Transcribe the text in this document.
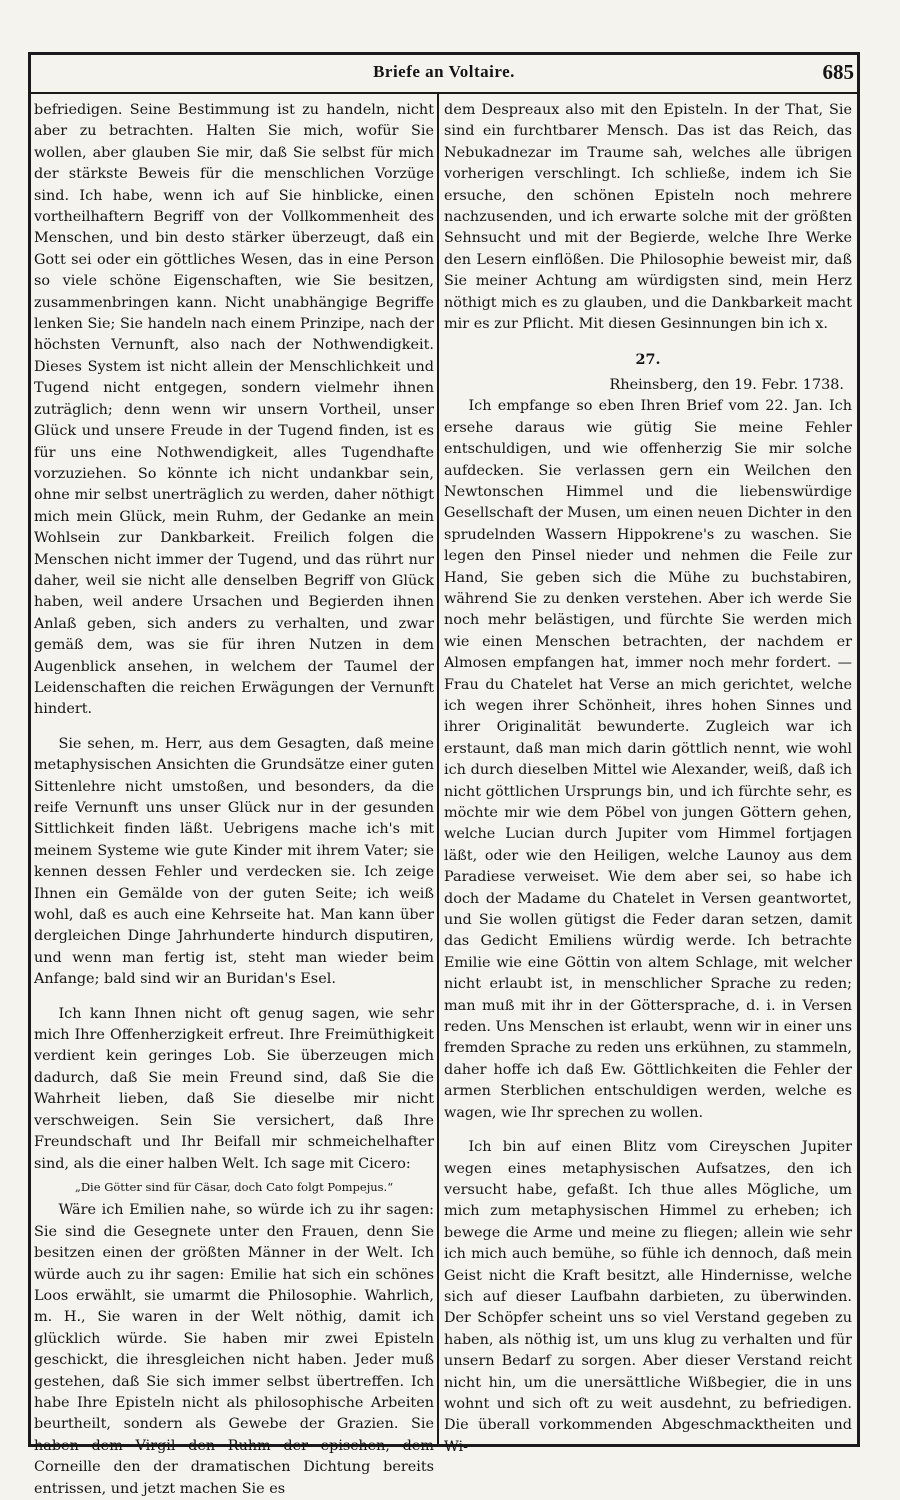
Briefe an Voltaire.	685

befriedigen. Seine Bestimmung ist zu handeln, nicht aber zu betrachten. Halten Sie mich, wofür Sie wollen, aber glauben Sie mir, daß Sie selbst für mich der stärkste Beweis für die menschlichen Vorzüge sind. Ich habe, wenn ich auf Sie hinblicke, einen vortheilhaftern Begriff von der Vollkommenheit des Menschen, und bin desto stärker überzeugt, daß ein Gott sei oder ein göttliches Wesen, das in eine Person so viele schöne Eigenschaften, wie Sie besitzen, zusammenbringen kann. Nicht unabhängige Begriffe lenken Sie; Sie handeln nach einem Prinzipe, nach der höchsten Vernunft, also nach der Nothwendigkeit. Dieses System ist nicht allein der Menschlichkeit und Tugend nicht entgegen, sondern vielmehr ihnen zuträglich; denn wenn wir unsern Vortheil, unser Glück und unsere Freude in der Tugend finden, ist es für uns eine Nothwendigkeit, alles Tugendhafte vorzuziehen. So könnte ich nicht undankbar sein, ohne mir selbst unerträglich zu werden, daher nöthigt mich mein Glück, mein Ruhm, der Gedanke an mein Wohlsein zur Dankbarkeit. Freilich folgen die Menschen nicht immer der Tugend, und das rührt nur daher, weil sie nicht alle denselben Begriff von Glück haben, weil andere Ursachen und Begierden ihnen Anlaß geben, sich anders zu verhalten, und zwar gemäß dem, was sie für ihren Nutzen in dem Augenblick ansehen, in welchem der Taumel der Leidenschaften die reichen Erwägungen der Vernunft hindert.

Sie sehen, m. Herr, aus dem Gesagten, daß meine metaphysischen Ansichten die Grundsätze einer guten Sittenlehre nicht umstoßen, und besonders, da die reife Vernunft uns unser Glück nur in der gesunden Sittlichkeit finden läßt. Uebrigens mache ich's mit meinem Systeme wie gute Kinder mit ihrem Vater; sie kennen dessen Fehler und verdecken sie. Ich zeige Ihnen ein Gemälde von der guten Seite; ich weiß wohl, daß es auch eine Kehrseite hat. Man kann über dergleichen Dinge Jahrhunderte hindurch disputiren, und wenn man fertig ist, steht man wieder beim Anfange; bald sind wir an Buridan's Esel.

Ich kann Ihnen nicht oft genug sagen, wie sehr mich Ihre Offenherzigkeit erfreut. Ihre Freimüthigkeit verdient kein geringes Lob. Sie überzeugen mich dadurch, daß Sie mein Freund sind, daß Sie die Wahrheit lieben, daß Sie dieselbe mir nicht verschweigen. Sein Sie versichert, daß Ihre Freundschaft und Ihr Beifall mir schmeichelhafter sind, als die einer halben Welt. Ich sage mit Cicero:

„Die Götter sind für Cäsar, doch Cato folgt Pompejus.“

Wäre ich Emilien nahe, so würde ich zu ihr sagen: Sie sind die Gesegnete unter den Frauen, denn Sie besitzen einen der größten Männer in der Welt. Ich würde auch zu ihr sagen: Emilie hat sich ein schönes Loos erwählt, sie umarmt die Philosophie. Wahrlich, m. H., Sie waren in der Welt nöthig, damit ich glücklich würde. Sie haben mir zwei Episteln geschickt, die ihresgleichen nicht haben. Jeder muß gestehen, daß Sie sich immer selbst übertreffen. Ich habe Ihre Episteln nicht als philosophische Arbeiten beurtheilt, sondern als Gewebe der Grazien. Sie haben dem Virgil den Ruhm der epischen, dem Corneille den der dramatischen Dichtung bereits entrissen, und jetzt machen Sie es

dem Despreaux also mit den Episteln. In der That, Sie sind ein furchtbarer Mensch. Das ist das Reich, das Nebukadnezar im Traume sah, welches alle übrigen vorherigen verschlingt. Ich schließe, indem ich Sie ersuche, den schönen Episteln noch mehrere nachzusenden, und ich erwarte solche mit der größten Sehnsucht und mit der Begierde, welche Ihre Werke den Lesern einflößen. Die Philosophie beweist mir, daß Sie meiner Achtung am würdigsten sind, mein Herz nöthigt mich es zu glauben, und die Dankbarkeit macht mir es zur Pflicht. Mit diesen Gesinnungen bin ich x.

27.

Rheinsberg, den 19. Febr. 1738.

Ich empfange so eben Ihren Brief vom 22. Jan. Ich ersehe daraus wie gütig Sie meine Fehler entschuldigen, und wie offenherzig Sie mir solche aufdecken. Sie verlassen gern ein Weilchen den Newtonschen Himmel und die liebenswürdige Gesellschaft der Musen, um einen neuen Dichter in den sprudelnden Wassern Hippokrene's zu waschen. Sie legen den Pinsel nieder und nehmen die Feile zur Hand, Sie geben sich die Mühe zu buchstabiren, während Sie zu denken verstehen. Aber ich werde Sie noch mehr belästigen, und fürchte Sie werden mich wie einen Menschen betrachten, der nachdem er Almosen empfangen hat, immer noch mehr fordert. — Frau du Chatelet hat Verse an mich gerichtet, welche ich wegen ihrer Schönheit, ihres hohen Sinnes und ihrer Originalität bewunderte. Zugleich war ich erstaunt, daß man mich darin göttlich nennt, wie wohl ich durch dieselben Mittel wie Alexander, weiß, daß ich nicht göttlichen Ursprungs bin, und ich fürchte sehr, es möchte mir wie dem Pöbel von jungen Göttern gehen, welche Lucian durch Jupiter vom Himmel fortjagen läßt, oder wie den Heiligen, welche Launoy aus dem Paradiese verweiset. Wie dem aber sei, so habe ich doch der Madame du Chatelet in Versen geantwortet, und Sie wollen gütigst die Feder daran setzen, damit das Gedicht Emiliens würdig werde. Ich betrachte Emilie wie eine Göttin von altem Schlage, mit welcher nicht erlaubt ist, in menschlicher Sprache zu reden; man muß mit ihr in der Göttersprache, d. i. in Versen reden. Uns Menschen ist erlaubt, wenn wir in einer uns fremden Sprache zu reden uns erkühnen, zu stammeln, daher hoffe ich daß Ew. Göttlichkeiten die Fehler der armen Sterblichen entschuldigen werden, welche es wagen, wie Ihr sprechen zu wollen.

Ich bin auf einen Blitz vom Cireyschen Jupiter wegen eines metaphysischen Aufsatzes, den ich versucht habe, gefaßt. Ich thue alles Mögliche, um mich zum metaphysischen Himmel zu erheben; ich bewege die Arme und meine zu fliegen; allein wie sehr ich mich auch bemühe, so fühle ich dennoch, daß mein Geist nicht die Kraft besitzt, alle Hindernisse, welche sich auf dieser Laufbahn darbieten, zu überwinden. Der Schöpfer scheint uns so viel Verstand gegeben zu haben, als nöthig ist, um uns klug zu verhalten und für unsern Bedarf zu sorgen. Aber dieser Verstand reicht nicht hin, um die unersättliche Wißbegier, die in uns wohnt und sich oft zu weit ausdehnt, zu befriedigen. Die überall vorkommenden Abgeschmacktheiten und Wi-
